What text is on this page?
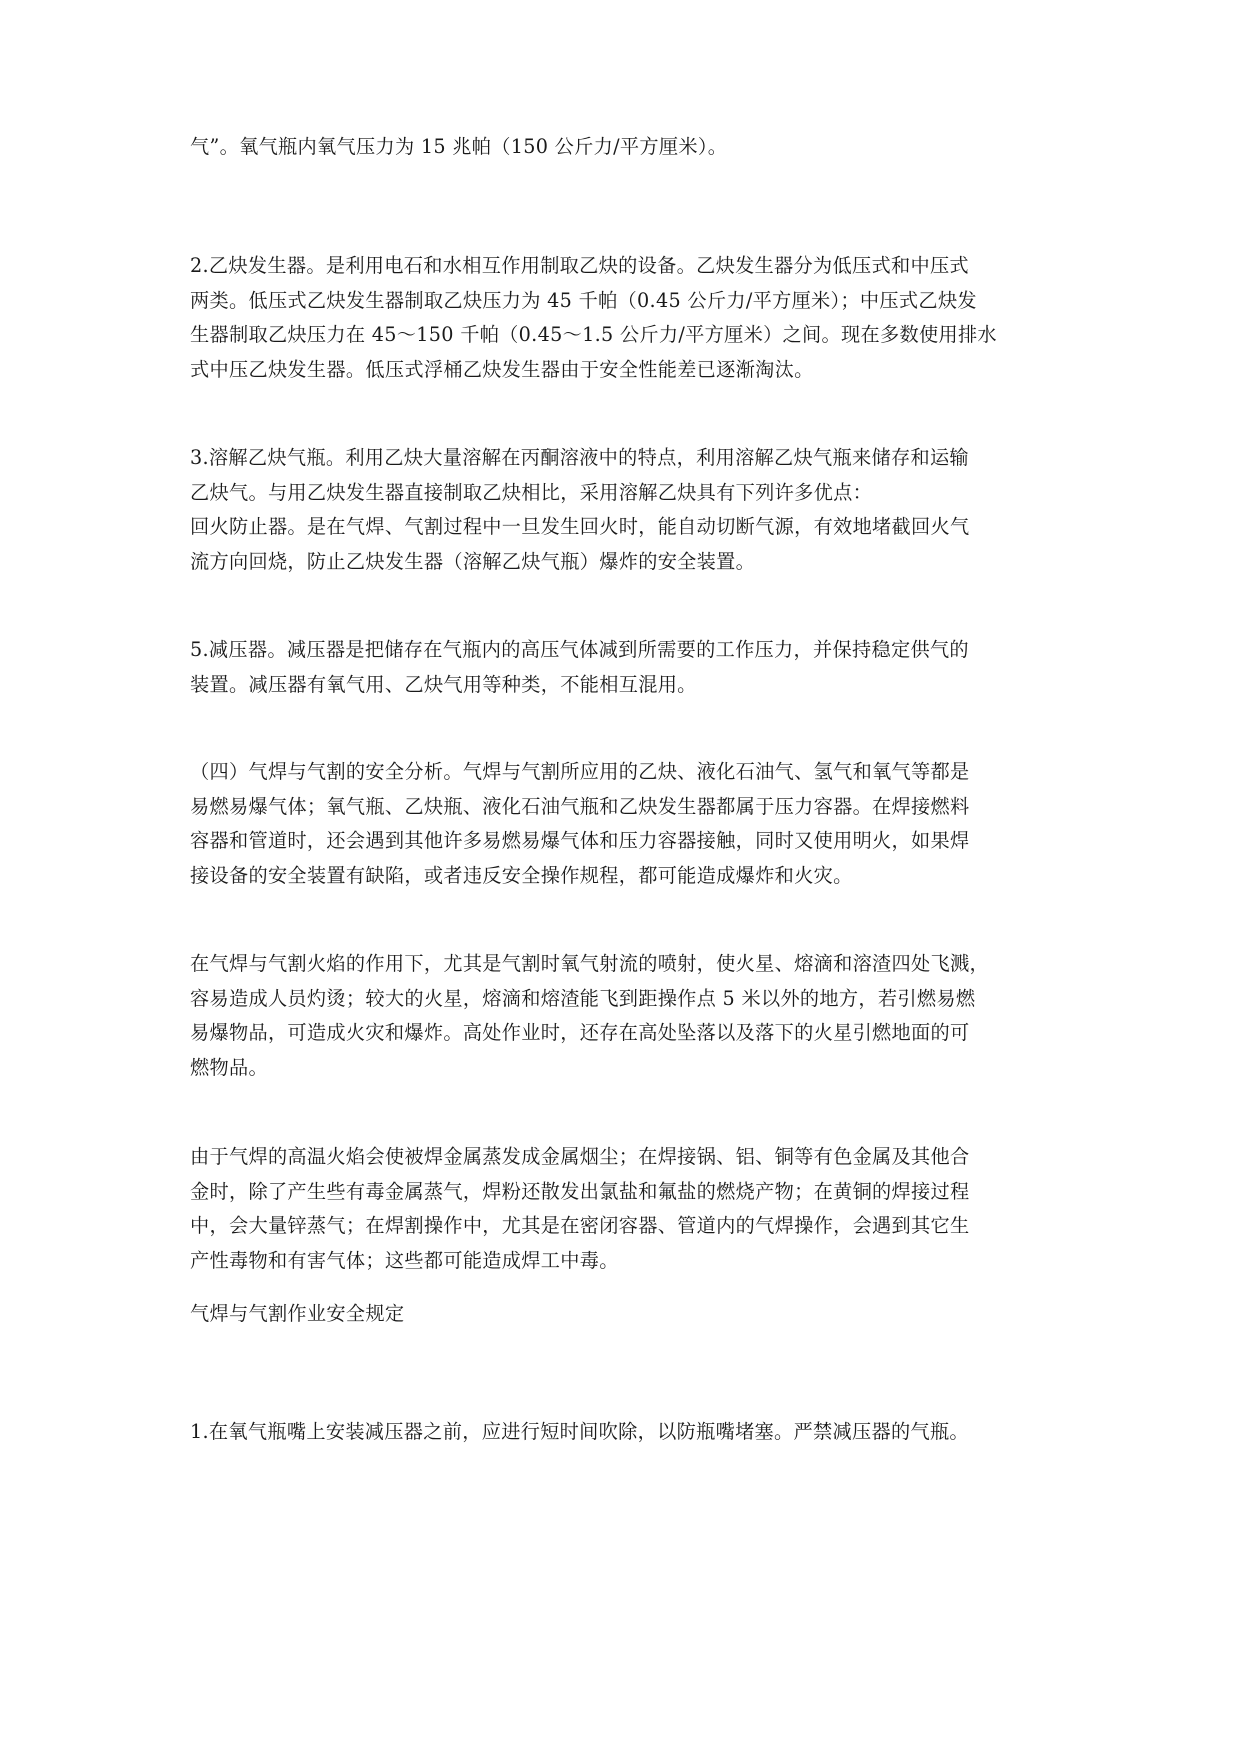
气”。氧气瓶内氧气压力为 15 兆帕（150 公斤力/平方厘米）。

2.乙炔发生器。是利用电石和水相互作用制取乙炔的设备。乙炔发生器分为低压式和中压式
两类。低压式乙炔发生器制取乙炔压力为 45 千帕（0.45 公斤力/平方厘米）；中压式乙炔发
生器制取乙炔压力在 45～150 千帕（0.45～1.5 公斤力/平方厘米）之间。现在多数使用排水
式中压乙炔发生器。低压式浮桶乙炔发生器由于安全性能差已逐渐淘汰。

3.溶解乙炔气瓶。利用乙炔大量溶解在丙酮溶液中的特点，利用溶解乙炔气瓶来储存和运输
乙炔气。与用乙炔发生器直接制取乙炔相比，采用溶解乙炔具有下列许多优点：
回火防止器。是在气焊、气割过程中一旦发生回火时，能自动切断气源，有效地堵截回火气
流方向回烧，防止乙炔发生器（溶解乙炔气瓶）爆炸的安全装置。

5.减压器。减压器是把储存在气瓶内的高压气体减到所需要的工作压力，并保持稳定供气的
装置。减压器有氧气用、乙炔气用等种类，不能相互混用。

（四）气焊与气割的安全分析。气焊与气割所应用的乙炔、液化石油气、氢气和氧气等都是
易燃易爆气体；氧气瓶、乙炔瓶、液化石油气瓶和乙炔发生器都属于压力容器。在焊接燃料
容器和管道时，还会遇到其他许多易燃易爆气体和压力容器接触，同时又使用明火，如果焊
接设备的安全装置有缺陷，或者违反安全操作规程，都可能造成爆炸和火灾。

在气焊与气割火焰的作用下，尤其是气割时氧气射流的喷射，使火星、熔滴和溶渣四处飞溅，
容易造成人员灼烫；较大的火星，熔滴和熔渣能飞到距操作点 5 米以外的地方，若引燃易燃
易爆物品，可造成火灾和爆炸。高处作业时，还存在高处坠落以及落下的火星引燃地面的可
燃物品。

由于气焊的高温火焰会使被焊金属蒸发成金属烟尘；在焊接锅、铝、铜等有色金属及其他合
金时，除了产生些有毒金属蒸气，焊粉还散发出氯盐和氟盐的燃烧产物；在黄铜的焊接过程
中，会大量锌蒸气；在焊割操作中，尤其是在密闭容器、管道内的气焊操作，会遇到其它生
产性毒物和有害气体；这些都可能造成焊工中毒。

气焊与气割作业安全规定

1.在氧气瓶嘴上安装减压器之前，应进行短时间吹除，以防瓶嘴堵塞。严禁减压器的气瓶。
